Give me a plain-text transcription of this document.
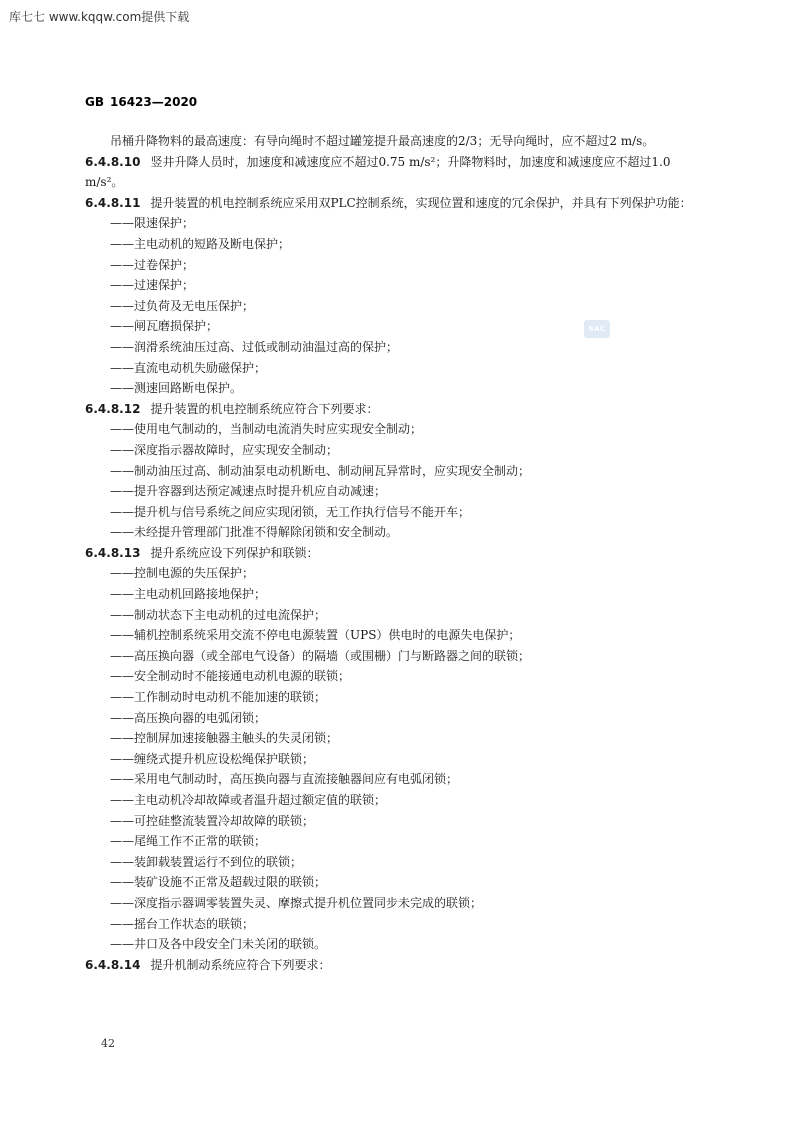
库七七 www.kqqw.com提供下载
GB 16423—2020
SAC

吊桶升降物料的最高速度：有导向绳时不超过罐笼提升最高速度的2/3；无导向绳时，应不超过2 m/s。

6.4.8.10 竖井升降人员时，加速度和减速度应不超过0.75 m/s²；升降物料时，加速度和减速度应不超过1.0 m/s²。

6.4.8.11 提升装置的机电控制系统应采用双PLC控制系统，实现位置和速度的冗余保护，并具有下列保护功能：

—— 限速保护；

—— 主电动机的短路及断电保护；

—— 过卷保护；

—— 过速保护；

—— 过负荷及无电压保护；

—— 闸瓦磨损保护；

—— 润滑系统油压过高、过低或制动油温过高的保护；

—— 直流电动机失励磁保护；

—— 测速回路断电保护。

6.4.8.12 提升装置的机电控制系统应符合下列要求：

—— 使用电气制动的，当制动电流消失时应实现安全制动；

—— 深度指示器故障时，应实现安全制动；

—— 制动油压过高、制动油泵电动机断电、制动闸瓦异常时，应实现安全制动；

—— 提升容器到达预定减速点时提升机应自动减速；

—— 提升机与信号系统之间应实现闭锁，无工作执行信号不能开车；

—— 未经提升管理部门批准不得解除闭锁和安全制动。

6.4.8.13 提升系统应设下列保护和联锁：

—— 控制电源的失压保护；

—— 主电动机回路接地保护；

—— 制动状态下主电动机的过电流保护；

—— 辅机控制系统采用交流不停电电源装置（UPS）供电时的电源失电保护；

—— 高压换向器（或全部电气设备）的隔墙（或围栅）门与断路器之间的联锁；

—— 安全制动时不能接通电动机电源的联锁；

—— 工作制动时电动机不能加速的联锁；

—— 高压换向器的电弧闭锁；

—— 控制屏加速接触器主触头的失灵闭锁；

—— 缠绕式提升机应设松绳保护联锁；

—— 采用电气制动时，高压换向器与直流接触器间应有电弧闭锁；

—— 主电动机冷却故障或者温升超过额定值的联锁；

—— 可控硅整流装置冷却故障的联锁；

—— 尾绳工作不正常的联锁；

—— 装卸载装置运行不到位的联锁；

—— 装矿设施不正常及超载过限的联锁；

—— 深度指示器调零装置失灵、摩擦式提升机位置同步未完成的联锁；

—— 摇台工作状态的联锁；

—— 井口及各中段安全门未关闭的联锁。

6.4.8.14 提升机制动系统应符合下列要求：

42
